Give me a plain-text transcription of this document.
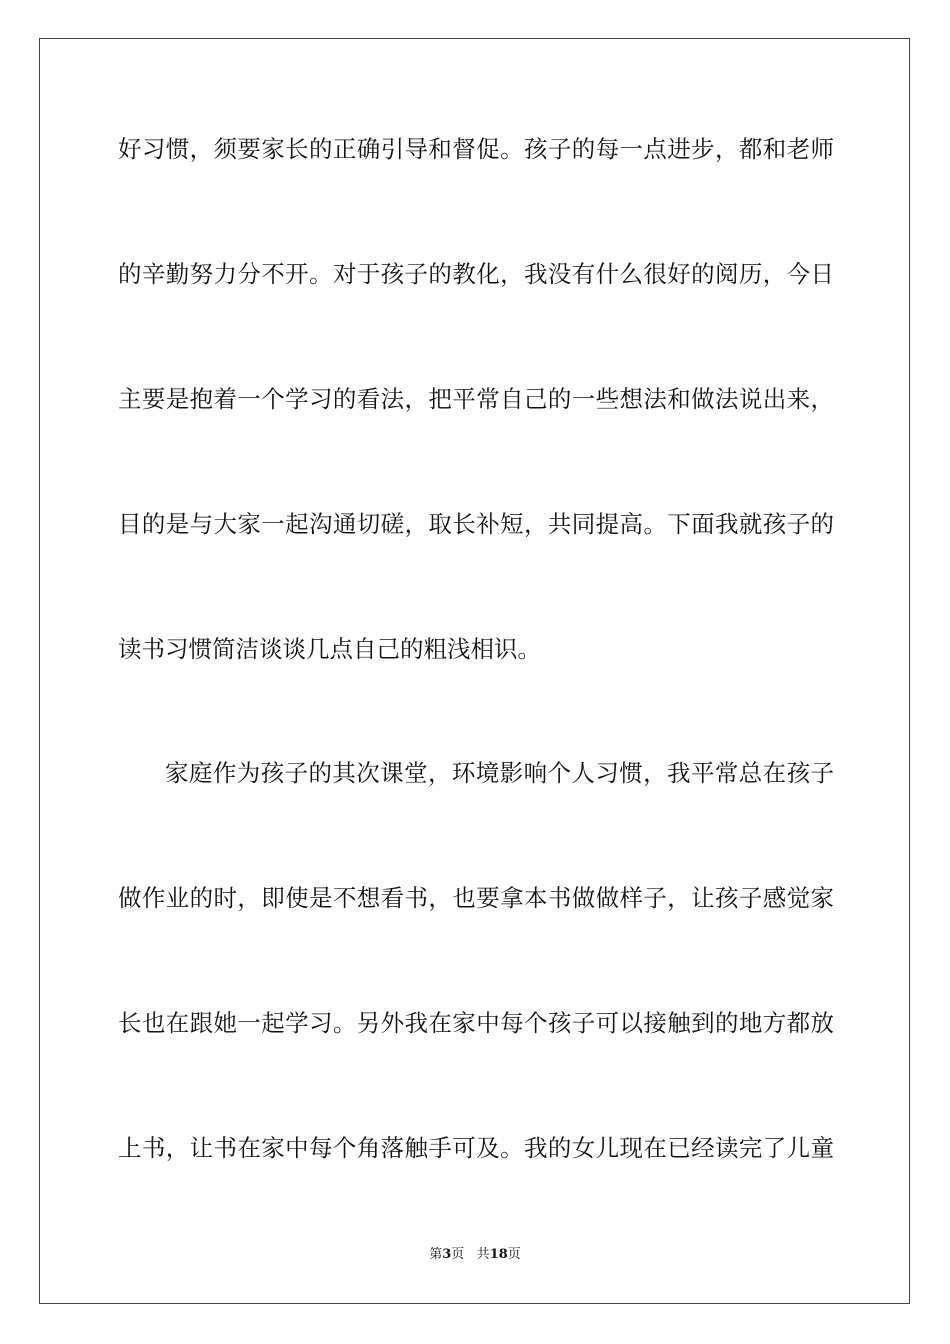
好习惯，须要家长的正确引导和督促。孩子的每一点进步，都和老师
的辛勤努力分不开。对于孩子的教化，我没有什么很好的阅历，今日
主要是抱着一个学习的看法，把平常自己的一些想法和做法说出来，
目的是与大家一起沟通切磋，取长补短，共同提高。下面我就孩子的
读书习惯简洁谈谈几点自己的粗浅相识。
家庭作为孩子的其次课堂，环境影响个人习惯，我平常总在孩子
做作业的时，即使是不想看书，也要拿本书做做样子，让孩子感觉家
长也在跟她一起学习。另外我在家中每个孩子可以接触到的地方都放
上书，让书在家中每个角落触手可及。我的女儿现在已经读完了儿童
第3页 共18页
